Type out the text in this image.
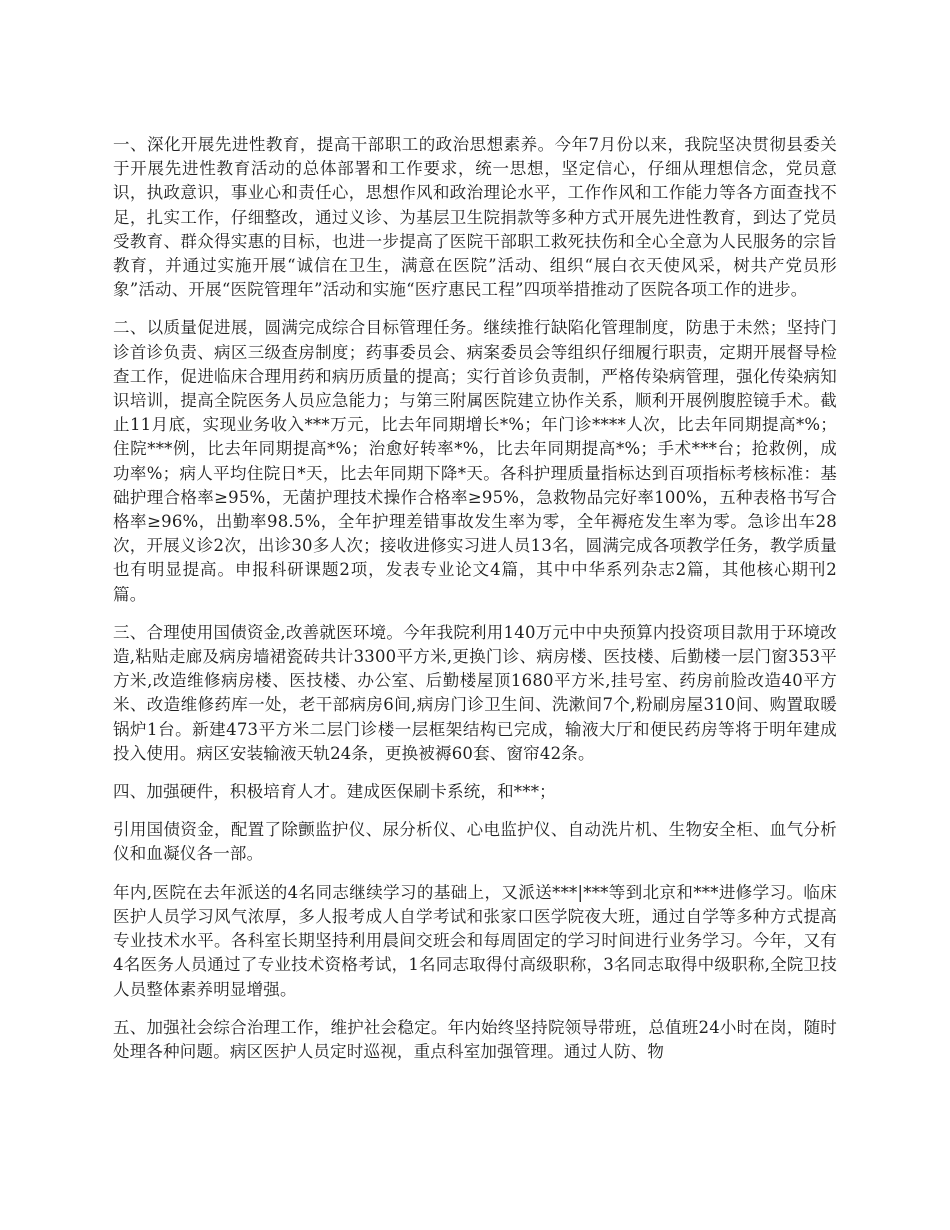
一、深化开展先进性教育，提高干部职工的政治思想素养。今年7月份以来，我院坚决贯彻县委关于开展先进性教育活动的总体部署和工作要求，统一思想，坚定信心，仔细从理想信念，党员意识，执政意识，事业心和责任心，思想作风和政治理论水平，工作作风和工作能力等各方面查找不足，扎实工作，仔细整改，通过义诊、为基层卫生院捐款等多种方式开展先进性教育，到达了党员受教育、群众得实惠的目标，也进一步提高了医院干部职工救死扶伤和全心全意为人民服务的宗旨教育，并通过实施开展“诚信在卫生，满意在医院”活动、组织“展白衣天使风采，树共产党员形象”活动、开展“医院管理年”活动和实施“医疗惠民工程”四项举措推动了医院各项工作的进步。

二、以质量促进展，圆满完成综合目标管理任务。继续推行缺陷化管理制度，防患于未然；坚持门诊首诊负责、病区三级查房制度；药事委员会、病案委员会等组织仔细履行职责，定期开展督导检查工作，促进临床合理用药和病历质量的提高；实行首诊负责制，严格传染病管理，强化传染病知识培训，提高全院医务人员应急能力；与第三附属医院建立协作关系，顺利开展例腹腔镜手术。截止11月底，实现业务收入***万元，比去年同期增长*%；年门诊****人次，比去年同期提高*%；住院***例，比去年同期提高*%；治愈好转率*%，比去年同期提高*%；手术***台；抢救例，成功率%；病人平均住院日*天，比去年同期下降*天。各科护理质量指标达到百项指标考核标准：基础护理合格率≥95%，无菌护理技术操作合格率≥95%，急救物品完好率100%，五种表格书写合格率≥96%，出勤率98.5%，全年护理差错事故发生率为零，全年褥疮发生率为零。急诊出车28次，开展义诊2次，出诊30多人次；接收进修实习进人员13名，圆满完成各项教学任务，教学质量也有明显提高。申报科研课题2项，发表专业论文4篇，其中中华系列杂志2篇，其他核心期刊2篇。

三、合理使用国债资金,改善就医环境。今年我院利用140万元中中央预算内投资项目款用于环境改造,粘贴走廊及病房墙裙瓷砖共计3300平方米,更换门诊、病房楼、医技楼、后勤楼一层门窗353平方米,改造维修病房楼、医技楼、办公室、后勤楼屋顶1680平方米,挂号室、药房前脸改造40平方米、改造维修药库一处，老干部病房6间,病房门诊卫生间、洗漱间7个,粉刷房屋310间、购置取暖锅炉1台。新建473平方米二层门诊楼一层框架结构已完成，输液大厅和便民药房等将于明年建成投入使用。病区安装输液天轨24条，更换被褥60套、窗帘42条。

四、加强硬件，积极培育人才。建成医保刷卡系统，和***；

引用国债资金，配置了除颤监护仪、尿分析仪、心电监护仪、自动洗片机、生物安全柜、血气分析仪和血凝仪各一部。

年内,医院在去年派送的4名同志继续学习的基础上，又派送***|***等到北京和***进修学习。临床医护人员学习风气浓厚，多人报考成人自学考试和张家口医学院夜大班，通过自学等多种方式提高专业技术水平。各科室长期坚持利用晨间交班会和每周固定的学习时间进行业务学习。今年，又有4名医务人员通过了专业技术资格考试，1名同志取得付高级职称，3名同志取得中级职称,全院卫技人员整体素养明显增强。

五、加强社会综合治理工作，维护社会稳定。年内始终坚持院领导带班，总值班24小时在岗，随时处理各种问题。病区医护人员定时巡视，重点科室加强管理。通过人防、物
